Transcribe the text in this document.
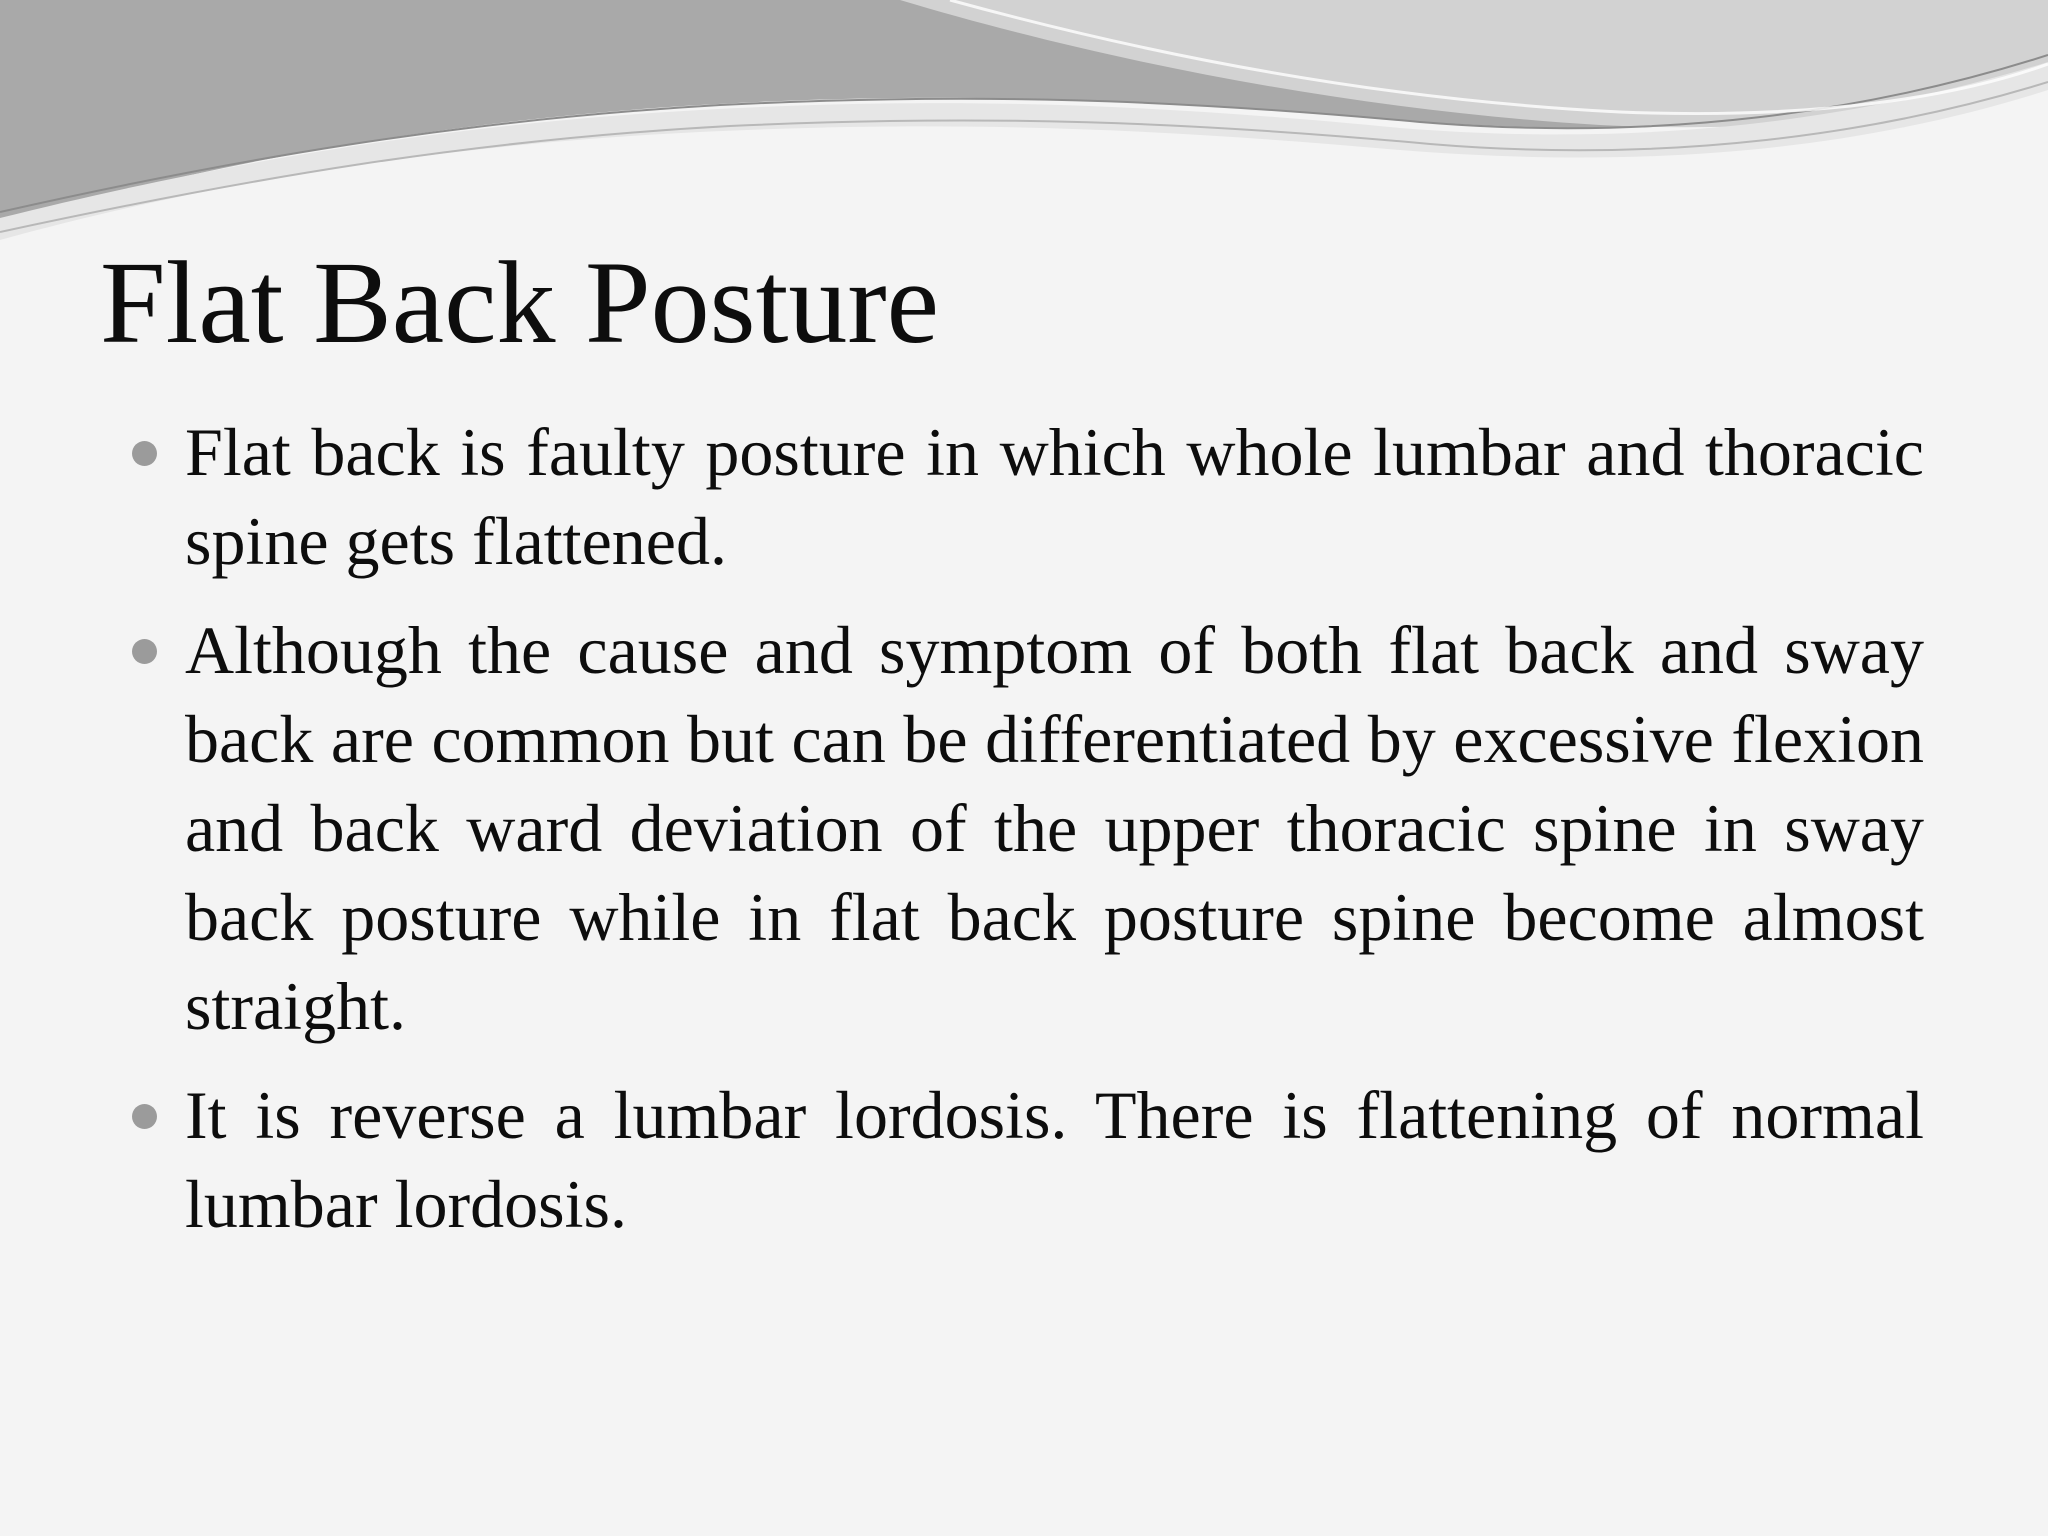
Flat Back Posture
Flat back is faulty posture in which whole lumbar and thoracic spine gets flattened.
Although the cause and symptom of both flat back and sway back are common but can be differentiated by excessive flexion and back ward deviation of the upper thoracic spine in sway back posture while in flat back posture spine become almost straight.
It is reverse a lumbar lordosis. There is flattening of normal lumbar lordosis.
